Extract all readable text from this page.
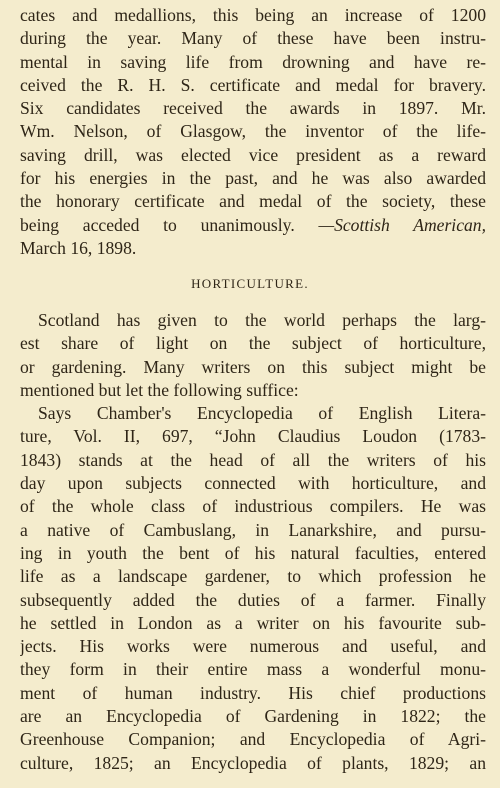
cates and medallions, this being an increase of 1200
during the year. Many of these have been instru-
mental in saving life from drowning and have re-
ceived the R. H. S. certificate and medal for bravery.
Six candidates received the awards in 1897. Mr.
Wm. Nelson, of Glasgow, the inventor of the life-
saving drill, was elected vice president as a reward
for his energies in the past, and he was also awarded
the honorary certificate and medal of the society, these
being acceded to unanimously. —Scottish American,
March 16, 1898.
HORTICULTURE.
Scotland has given to the world perhaps the larg-
est share of light on the subject of horticulture,
or gardening. Many writers on this subject might be
mentioned but let the following suffice:
Says Chamber's Encyclopedia of English Litera-
ture, Vol. II, 697, “John Claudius Loudon (1783-
1843) stands at the head of all the writers of his
day upon subjects connected with horticulture, and
of the whole class of industrious compilers. He was
a native of Cambuslang, in Lanarkshire, and pursu-
ing in youth the bent of his natural faculties, entered
life as a landscape gardener, to which profession he
subsequently added the duties of a farmer. Finally
he settled in London as a writer on his favourite sub-
jects. His works were numerous and useful, and
they form in their entire mass a wonderful monu-
ment of human industry. His chief productions
are an Encyclopedia of Gardening in 1822; the
Greenhouse Companion; and Encyclopedia of Agri-
culture, 1825; an Encyclopedia of plants, 1829; an
